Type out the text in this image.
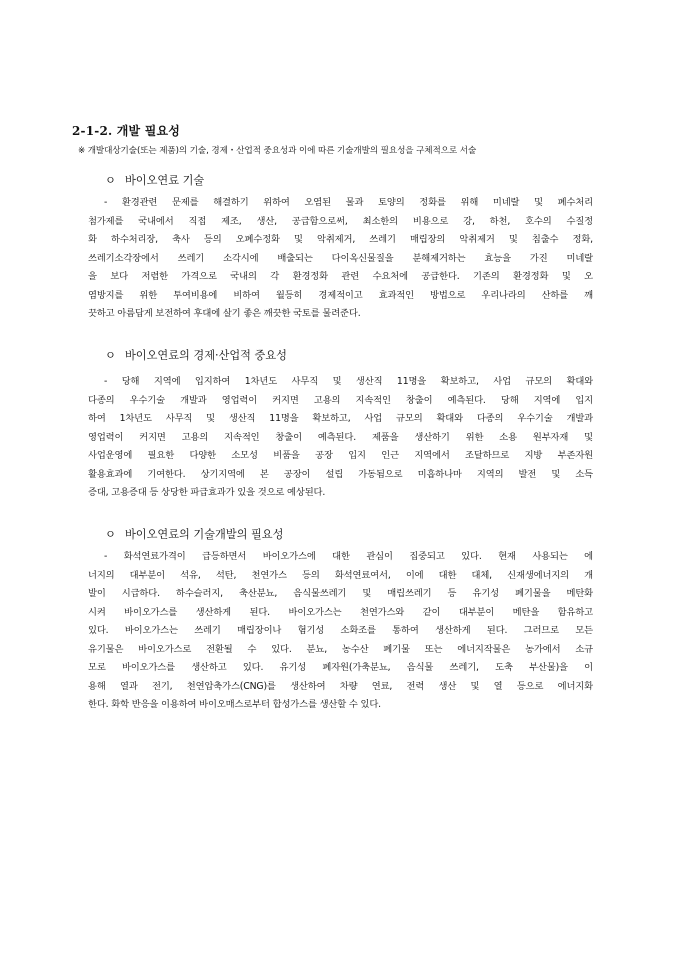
2-1-2. 개발 필요성
※ 개발대상기술(또는 제품)의 기술, 경제・산업적 중요성과 이에 따른 기술개발의 필요성을 구체적으로 서술
ㅇ 바이오연료 기술
- 환경관련 문제를 해결하기 위하여 오염된 물과 토양의 정화를 위해 미네랄 및 폐수처리
첨가제를 국내에서 직접 제조, 생산, 공급함으로써, 최소한의 비용으로 강, 하천, 호수의 수질정
화 하수처리장, 축사 등의 오폐수정화 및 악취제거, 쓰레기 매립장의 악취제거 및 침출수 정화,
쓰레기소각장에서 쓰레기 소각시에 배출되는 다이옥신물질을 분해제거하는 효능을 가진 미네랄
을 보다 저렴한 가격으로 국내의 각 환경정화 관련 수요처에 공급한다. 기존의 환경정화 및 오
염방지를 위한 투여비용에 비하여 월등히 경제적이고 효과적인 방법으로 우리나라의 산하를 깨
끗하고 아름답게 보전하여 후대에 살기 좋은 깨끗한 국토를 물려준다.
ㅇ 바이오연료의 경제·산업적 중요성
- 당해 지역에 입지하여 1차년도 사무직 및 생산직 11명을 확보하고, 사업 규모의 확대와
다종의 우수기술 개발과 영업력이 커지면 고용의 지속적인 창출이 예측된다. 당해 지역에 입지
하여 1차년도 사무직 및 생산직 11명을 확보하고, 사업 규모의 확대와 다종의 우수기술 개발과
영업력이 커지면 고용의 지속적인 창출이 예측된다. 제품을 생산하기 위한 소용 원부자재 및
사업운영에 필요한 다양한 소모성 비품을 공장 입지 인근 지역에서 조달하므로 지방 부존자원
활용효과에 기여한다. 상기지역에 본 공장이 설립 가동됨으로 미흡하나마 지역의 발전 및 소득
증대, 고용증대 등 상당한 파급효과가 있을 것으로 예상된다.
ㅇ 바이오연료의 기술개발의 필요성
- 화석연료가격이 급등하면서 바이오가스에 대한 관심이 집중되고 있다. 현재 사용되는 에
너지의 대부분이 석유, 석탄, 천연가스 등의 화석연료여서, 이에 대한 대체, 신재생에너지의 개
발이 시급하다. 하수슬러지, 축산분뇨, 음식물쓰레기 및 매립쓰레기 등 유기성 폐기물을 메탄화
시켜 바이오가스를 생산하게 된다. 바이오가스는 천연가스와 같이 대부분이 메탄을 함유하고
있다. 바이오가스는 쓰레기 매립장이나 혐기성 소화조를 통하여 생산하게 된다. 그러므로 모든
유기물은 바이오가스로 전환될 수 있다. 분뇨, 농수산 폐기물 또는 에너지작물은 농가에서 소규
모로 바이오가스를 생산하고 있다. 유기성 폐자원(가축분뇨, 음식물 쓰레기, 도축 부산물)을 이
용해 열과 전기, 천연압축가스(CNG)를 생산하여 차량 연료, 전력 생산 및 열 등으로 에너지화
한다. 화학 반응을 이용하여 바이오매스로부터 합성가스를 생산할 수 있다.
